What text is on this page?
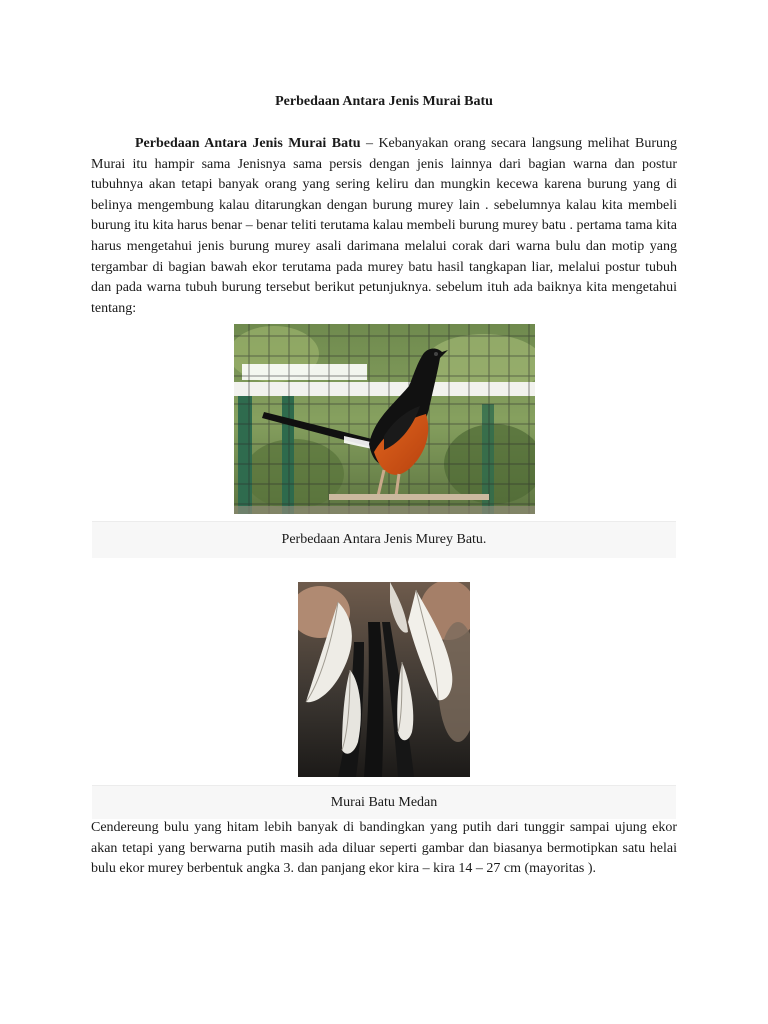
Perbedaan Antara Jenis Murai Batu

Perbedaan Antara Jenis Murai Batu – Kebanyakan orang secara langsung melihat Burung Murai itu hampir sama Jenisnya sama persis dengan jenis lainnya dari bagian warna dan postur tubuhnya akan tetapi banyak orang yang sering keliru dan mungkin kecewa karena burung yang di belinya mengembung kalau ditarungkan dengan burung murey lain . sebelumnya kalau kita membeli burung itu kita harus benar – benar teliti terutama kalau membeli burung murey batu . pertama tama kita harus mengetahui jenis burung murey asali darimana melalui corak dari warna bulu dan motip yang tergambar di bagian bawah ekor terutama pada murey batu hasil tangkapan liar, melalui postur tubuh dan pada warna tubuh burung tersebut berikut petunjuknya. sebelum ituh ada baiknya kita mengetahui tentang:

Perbedaan Antara Jenis Murey Batu.
Murai Batu Medan

Cendereung bulu yang hitam lebih banyak di bandingkan yang putih dari tunggir sampai ujung ekor akan tetapi yang berwarna putih masih ada diluar seperti gambar dan biasanya bermotipkan satu helai bulu ekor murey berbentuk angka 3. dan panjang ekor kira – kira 14 – 27 cm (mayoritas ).
